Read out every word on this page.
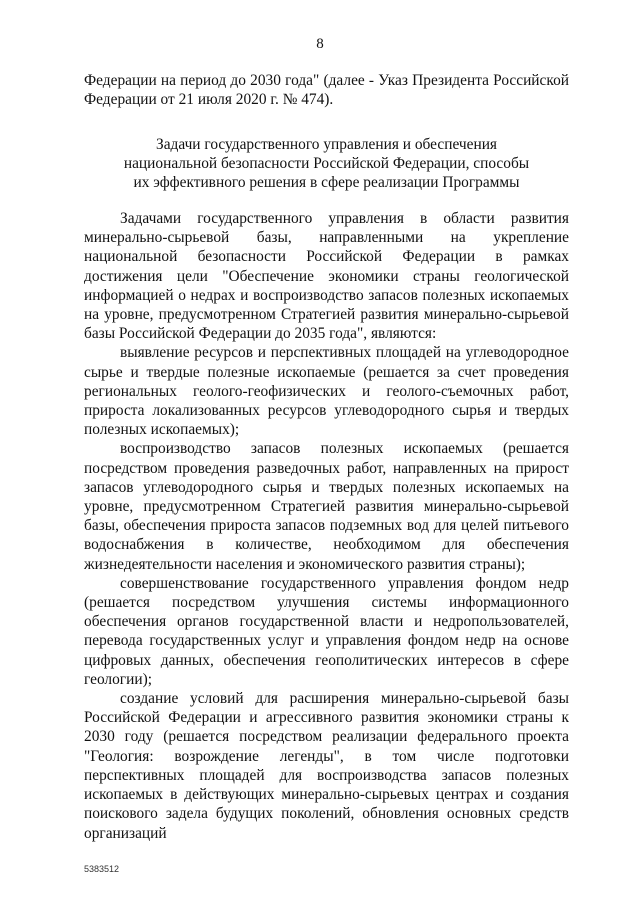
8
Федерации на период до 2030 года" (далее - Указ Президента Российской Федерации от 21 июля 2020 г. № 474).
Задачи государственного управления и обеспечения
национальной безопасности Российской Федерации, способы
их эффективного решения в сфере реализации Программы

Задачами государственного управления в области развития минерально-сырьевой базы, направленными на укрепление национальной безопасности Российской Федерации в рамках достижения цели "Обеспечение экономики страны геологической информацией о недрах и воспроизводство запасов полезных ископаемых на уровне, предусмотренном Стратегией развития минерально-сырьевой базы Российской Федерации до 2035 года", являются:

выявление ресурсов и перспективных площадей на углеводородное сырье и твердые полезные ископаемые (решается за счет проведения региональных геолого-геофизических и геолого-съемочных работ, прироста локализованных ресурсов углеводородного сырья и твердых полезных ископаемых);

воспроизводство запасов полезных ископаемых (решается посредством проведения разведочных работ, направленных на прирост запасов углеводородного сырья и твердых полезных ископаемых на уровне, предусмотренном Стратегией развития минерально-сырьевой базы, обеспечения прироста запасов подземных вод для целей питьевого водоснабжения в количестве, необходимом для обеспечения жизнедеятельности населения и экономического развития страны);

совершенствование государственного управления фондом недр (решается посредством улучшения системы информационного обеспечения органов государственной власти и недропользователей, перевода государственных услуг и управления фондом недр на основе цифровых данных, обеспечения геополитических интересов в сфере геологии);

создание условий для расширения минерально-сырьевой базы Российской Федерации и агрессивного развития экономики страны к 2030 году (решается посредством реализации федерального проекта "Геология: возрождение легенды", в том числе подготовки перспективных площадей для воспроизводства запасов полезных ископаемых в действующих минерально-сырьевых центрах и создания поискового задела будущих поколений, обновления основных средств организаций

5383512
